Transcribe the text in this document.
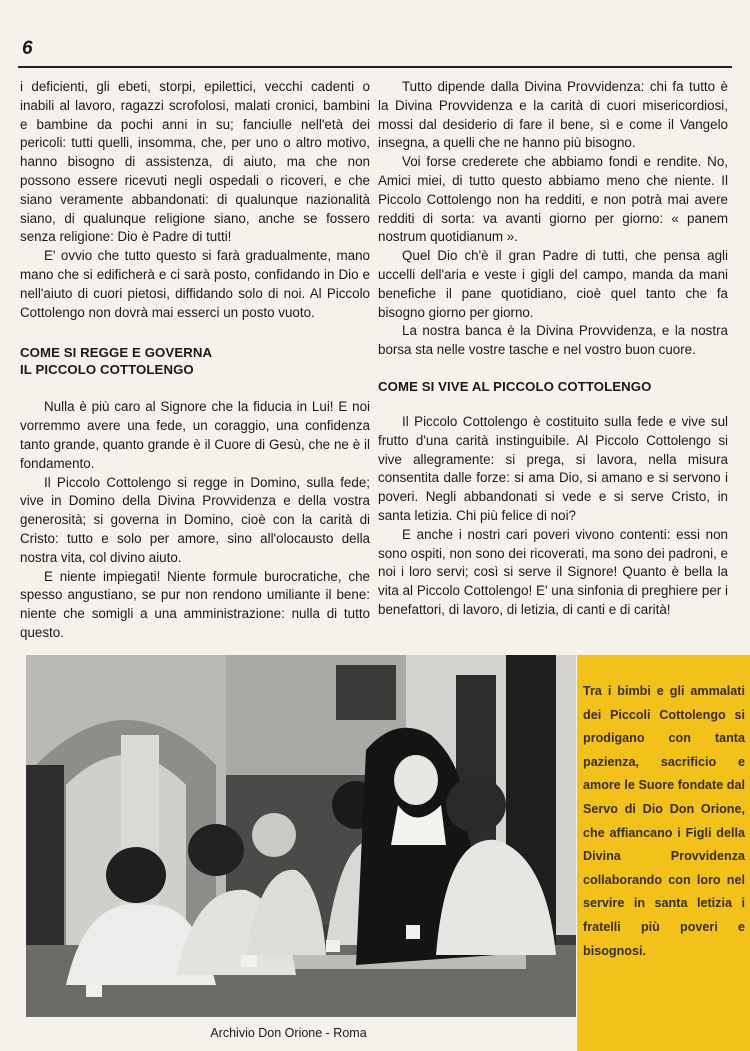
6

i deficienti, gli ebeti, storpi, epilettici, vecchi cadenti o inabili al lavoro, ragazzi scrofolosi, malati cronici, bambini e bambine da pochi anni in su; fanciulle nell'età dei pericoli: tutti quelli, insomma, che, per uno o altro motivo, hanno bisogno di assistenza, di aiuto, ma che non possono essere ricevuti negli ospedali o ricoveri, e che siano veramente abbandonati: di qualunque nazionalità siano, di qualunque religione siano, anche se fossero senza religione: Dio è Padre di tutti!

E' ovvio che tutto questo si farà gradualmente, mano mano che si edificherà e ci sarà posto, confidando in Dio e nell'aiuto di cuori pietosi, diffidando solo di noi. Al Piccolo Cottolengo non dovrà mai esserci un posto vuoto.

COME SI REGGE E GOVERNA
IL PICCOLO COTTOLENGO

Nulla è più caro al Signore che la fiducia in Lui! E noi vorremmo avere una fede, un coraggio, una confidenza tanto grande, quanto grande è il Cuore di Gesù, che ne è il fondamento.

Il Piccolo Cottolengo si regge in Domino, sulla fede; vive in Domino della Divina Provvidenza e della vostra generosità; si governa in Domino, cioè con la carità di Cristo: tutto e solo per amore, sino all'olocausto della nostra vita, col divino aiuto.

E niente impiegati! Niente formule burocratiche, che spesso angustiano, se pur non rendono umiliante il bene: niente che somigli a una amministrazione: nulla di tutto questo.

Tutto dipende dalla Divina Provvidenza: chi fa tutto è la Divina Provvidenza e la carità di cuori misericordiosi, mossi dal desiderio di fare il bene, sì e come il Vangelo insegna, a quelli che ne hanno più bisogno.

Voi forse crederete che abbiamo fondi e rendite. No, Amici miei, di tutto questo abbiamo meno che niente. Il Piccolo Cottolengo non ha redditi, e non potrà mai avere redditi di sorta: va avanti giorno per giorno: « panem nostrum quotidianum ».

Quel Dio ch'è il gran Padre di tutti, che pensa agli uccelli dell'aria e veste i gigli del campo, manda da mani benefiche il pane quotidiano, cioè quel tanto che fa bisogno giorno per giorno.

La nostra banca è la Divina Provvidenza, e la nostra borsa sta nelle vostre tasche e nel vostro buon cuore.

COME SI VIVE AL PICCOLO COTTOLENGO

Il Piccolo Cottolengo è costituito sulla fede e vive sul frutto d'una carità instinguibile. Al Piccolo Cottolengo si vive allegramente: si prega, si lavora, nella misura consentita dalle forze: si ama Dio, si amano e si servono i poveri. Negli abbandonati si vede e si serve Cristo, in santa letizia. Chi più felice di noi?

E anche i nostri cari poveri vivono contenti: essi non sono ospiti, non sono dei ricoverati, ma sono dei padroni, e noi i loro servi; così si serve il Signore! Quanto è bella la vita al Piccolo Cottolengo! E' una sinfonia di preghiere per i benefattori, di lavoro, di letizia, di canti e di carità!

Tra i bimbi e gli ammalati dei Piccoli Cottolengo si prodigano con tanta pazienza, sacrificio e amore le Suore fondate dal Servo di Dio Don Orione, che affiancano i Figli della Divina Provvidenza collaborando con loro nel servire in santa letizia i fratelli più poveri e bisognosi.
Archivio Don Orione - Roma
